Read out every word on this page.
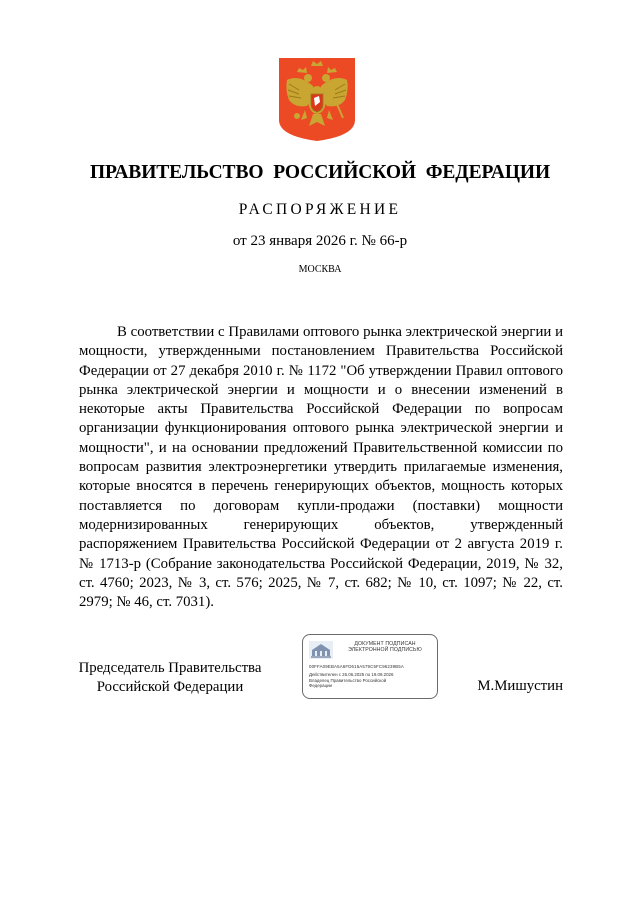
ПРАВИТЕЛЬСТВО РОССИЙСКОЙ ФЕДЕРАЦИИ
РАСПОРЯЖЕНИЕ
от 23 января 2026 г. № 66-р
МОСКВА
В соответствии с Правилами оптового рынка электрической энергии и мощности, утвержденными постановлением Правительства Российской Федерации от 27 декабря 2010 г. № 1172 "Об утверждении Правил оптового рынка электрической энергии и мощности и о внесении изменений в некоторые акты Правительства Российской Федерации по вопросам организации функционирования оптового рынка электрической энергии и мощности", и на основании предложений Правительственной комиссии по вопросам развития электроэнергетики утвердить прилагаемые изменения, которые вносятся в перечень генерирующих объектов, мощность которых поставляется по договорам купли-продажи (поставки) мощности модернизированных генерирующих объектов, утвержденный распоряжением Правительства Российской Федерации от 2 августа 2019 г. № 1713-р (Собрание законодательства Российской Федерации, 2019, № 32, ст. 4760; 2023, № 3, ст. 576; 2025, № 7, ст. 682; № 10, ст. 1097; № 22, ст. 2979; № 46, ст. 7031).
Председатель Правительства
Российской Федерации
ДОКУМЕНТ ПОДПИСАН
ЭЛЕКТРОННОЙ ПОДПИСЬЮ
00FFA09EBA5A6FD615A579C5FC96239B5A
Действителен с 26.06.2025 по 19.09.2026
Владелец Правительство Российской
Федерации	М.Мишустин
